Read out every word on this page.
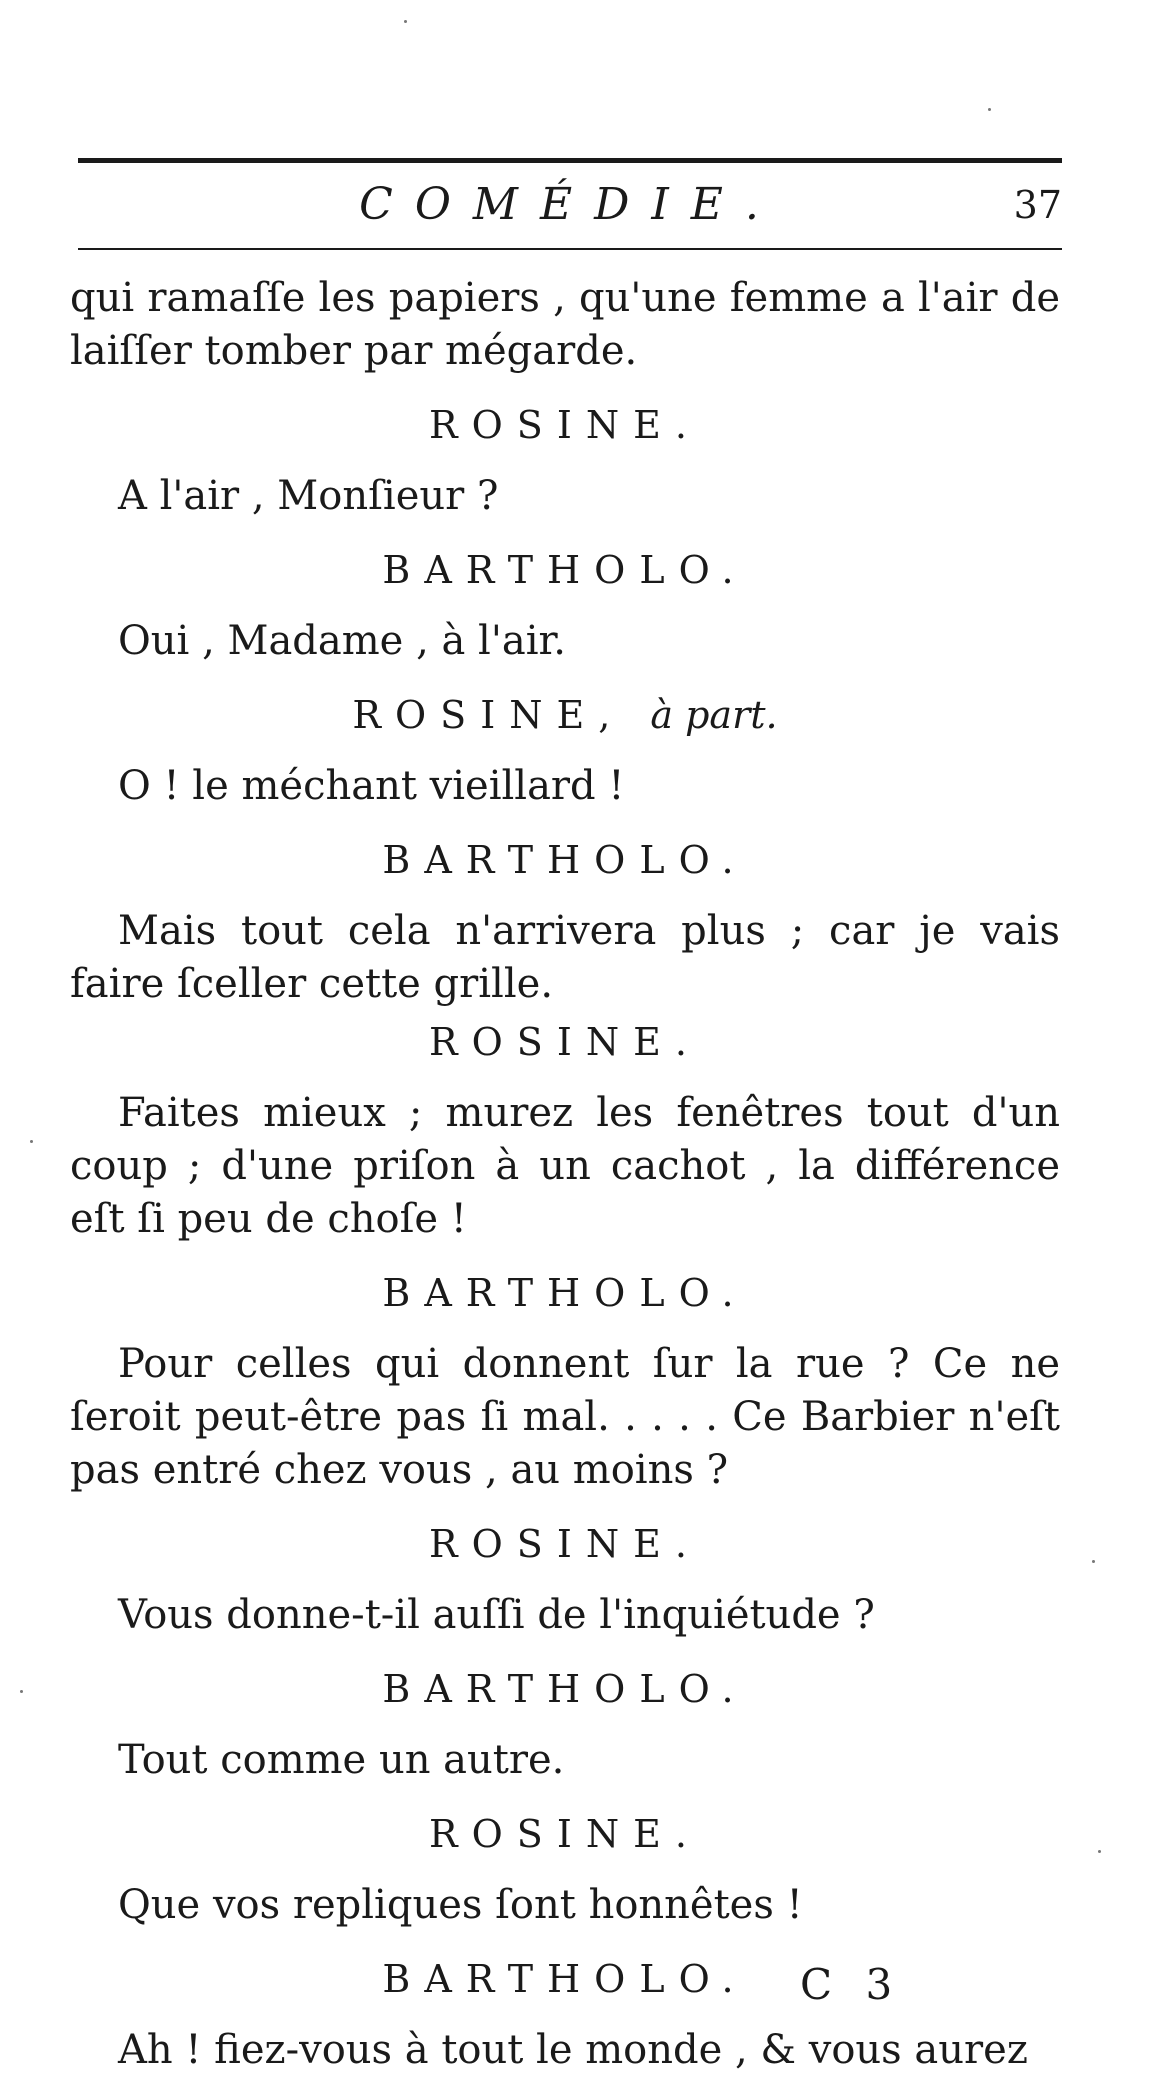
COMÉDIE.	37

qui ramaſſe les papiers , qu'une femme a l'air de laiſſer tomber par mégarde.

ROSINE.

A l'air , Monſieur ?

BARTHOLO.

Oui , Madame , à l'air.

ROSINE, à part.

O ! le méchant vieillard !

BARTHOLO.

Mais tout cela n'arrivera plus ; car je vais faire ſceller cette grille.

ROSINE.

Faites mieux ; murez les fenêtres tout d'un coup ; d'une priſon à un cachot , la différence eſt ſi peu de choſe !

BARTHOLO.

Pour celles qui donnent ſur la rue ? Ce ne ſeroit peut-être pas ſi mal. . . . . Ce Barbier n'eſt pas entré chez vous , au moins ?

ROSINE.

Vous donne-t-il auſſi de l'inquiétude ?

BARTHOLO.

Tout comme un autre.

ROSINE.

Que vos repliques ſont honnêtes !

BARTHOLO.

Ah ! fiez-vous à tout le monde , & vous aurez

C 3
